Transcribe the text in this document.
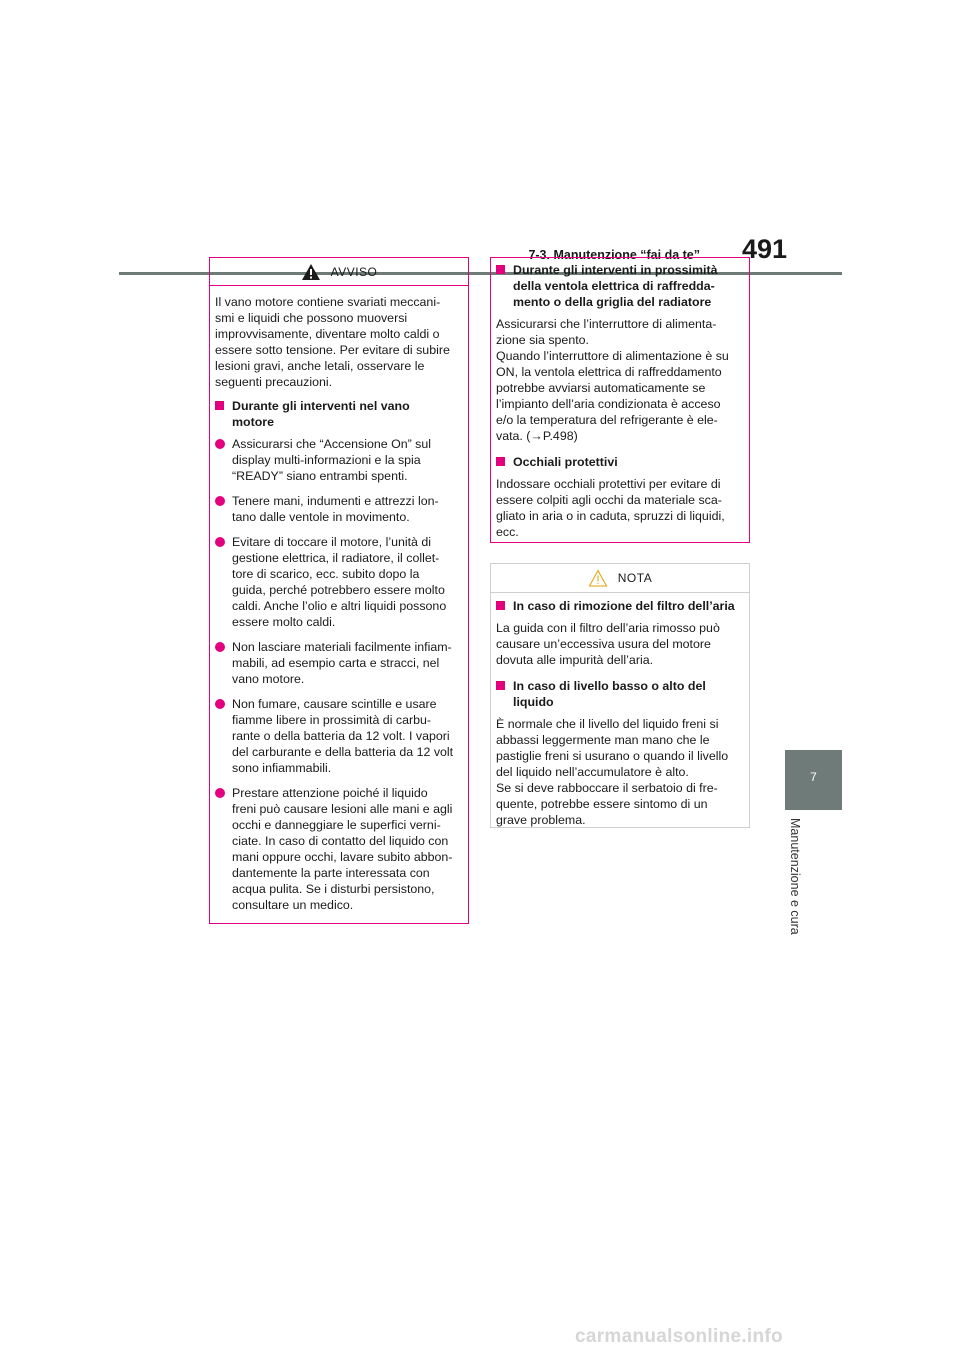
7-3. Manutenzione “fai da te” 491
7
Manutenzione e cura
AVVISO
Il vano motore contiene svariati meccani-
smi e liquidi che possono muoversi
improvvisamente, diventare molto caldi o
essere sotto tensione. Per evitare di subire
lesioni gravi, anche letali, osservare le
seguenti precauzioni.
Durante gli interventi nel vano
motore
Assicurarsi che “Accensione On” sul
display multi-informazioni e la spia
“READY” siano entrambi spenti.
Tenere mani, indumenti e attrezzi lon-
tano dalle ventole in movimento.
Evitare di toccare il motore, l’unità di
gestione elettrica, il radiatore, il collet-
tore di scarico, ecc. subito dopo la
guida, perché potrebbero essere molto
caldi. Anche l’olio e altri liquidi possono
essere molto caldi.
Non lasciare materiali facilmente infiam-
mabili, ad esempio carta e stracci, nel
vano motore.
Non fumare, causare scintille e usare
fiamme libere in prossimità di carbu-
rante o della batteria da 12 volt. I vapori
del carburante e della batteria da 12 volt
sono infiammabili.
Prestare attenzione poiché il liquido
freni può causare lesioni alle mani e agli
occhi e danneggiare le superfici verni-
ciate. In caso di contatto del liquido con
mani oppure occhi, lavare subito abbon-
dantemente la parte interessata con
acqua pulita. Se i disturbi persistono,
consultare un medico.
Durante gli interventi in prossimità
della ventola elettrica di raffredda-
mento o della griglia del radiatore
Assicurarsi che l’interruttore di alimenta-
zione sia spento.
Quando l’interruttore di alimentazione è su
ON, la ventola elettrica di raffreddamento
potrebbe avviarsi automaticamente se
l’impianto dell’aria condizionata è acceso
e/o la temperatura del refrigerante è ele-
vata. (→P.498)
Occhiali protettivi
Indossare occhiali protettivi per evitare di
essere colpiti agli occhi da materiale sca-
gliato in aria o in caduta, spruzzi di liquidi,
ecc.
NOTA
In caso di rimozione del filtro dell’aria
La guida con il filtro dell’aria rimosso può
causare un’eccessiva usura del motore
dovuta alle impurità dell’aria.
In caso di livello basso o alto del
liquido
È normale che il livello del liquido freni si
abbassi leggermente man mano che le
pastiglie freni si usurano o quando il livello
del liquido nell’accumulatore è alto.
Se si deve rabboccare il serbatoio di fre-
quente, potrebbe essere sintomo di un
grave problema.
carmanualsonline.info
